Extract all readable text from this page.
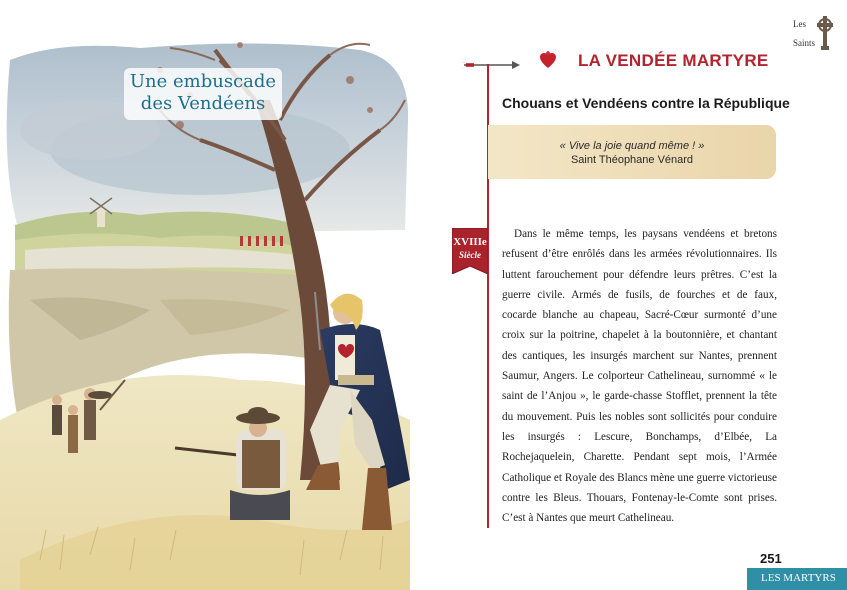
Une embuscade
des Vendéens
LA VENDÉE MARTYRE
Les
Saints
Chouans et Vendéens contre la République
« Vive la joie quand même ! »
Saint Théophane Vénard
XVIIIe
Siècle
Dans le même temps, les paysans vendéens et bretons refusent d’être enrôlés dans les armées révolutionnaires. Ils luttent farouchement pour défendre leurs prêtres. C’est la guerre civile. Armés de fusils, de fourches et de faux, cocarde blanche au chapeau, Sacré-Cœur surmonté d’une croix sur la poitrine, chapelet à la boutonnière, et chantant des cantiques, les insurgés marchent sur Nantes, prennent Saumur, Angers. Le colporteur Cathelineau, surnommé « le saint de l’Anjou », le garde-chasse Stofflet, prennent la tête du mouvement. Puis les nobles sont sollicités pour conduire les insurgés : Lescure, Bonchamps, d’Elbée, La Rochejaquelein, Charette. Pendant sept mois, l’Armée Catholique et Royale des Blancs mène une guerre victorieuse contre les Bleus. Thouars, Fontenay-le-Comte sont prises. C’est à Nantes que meurt Cathelineau.
251
LES MARTYRS
